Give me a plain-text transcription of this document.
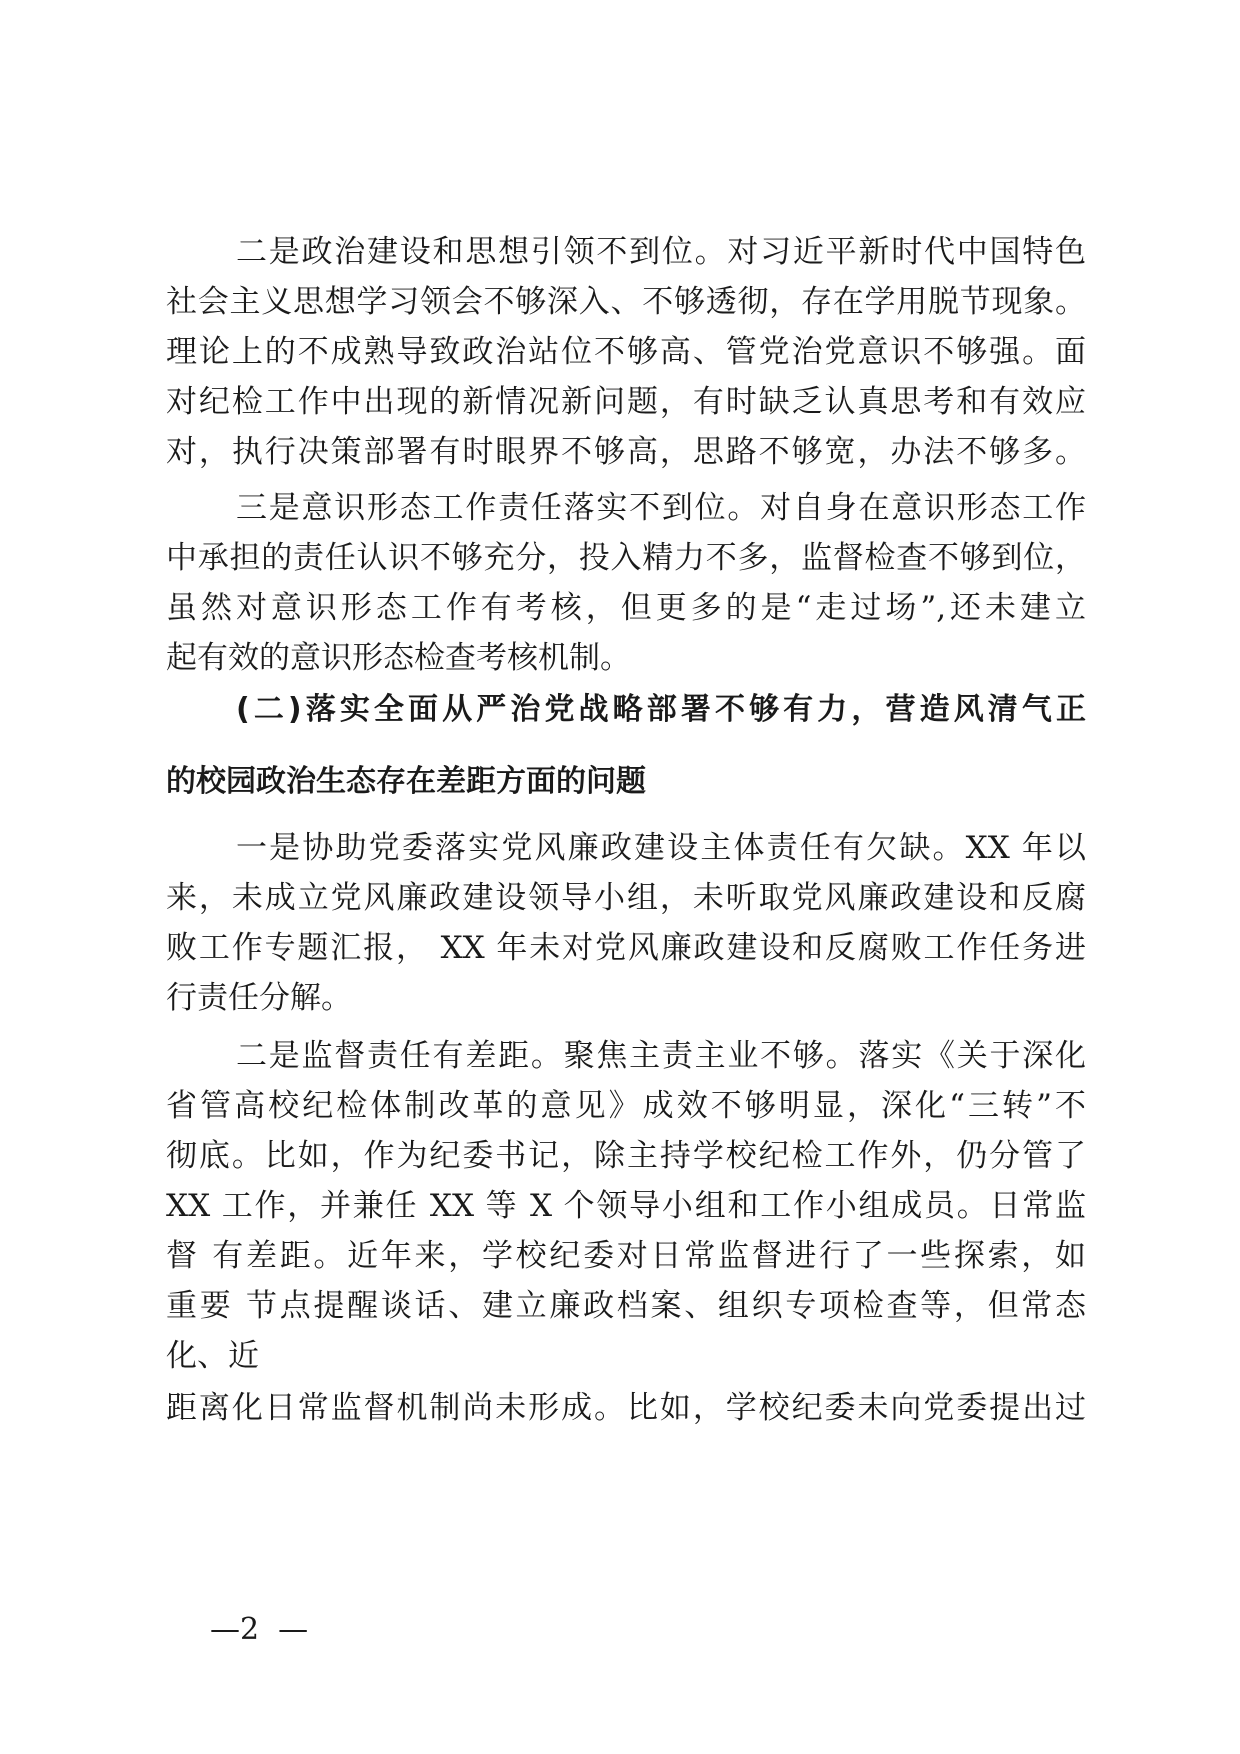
二是政治建设和思想引领不到位。对习近平新时代中国特色
社会主义思想学习领会不够深入、不够透彻，存在学用脱节现象。
理论上的不成熟导致政治站位不够高、管党治党意识不够强。面
对纪检工作中出现的新情况新问题，有时缺乏认真思考和有效应
对，执行决策部署有时眼界不够高，思路不够宽，办法不够多。
三是意识形态工作责任落实不到位。对自身在意识形态工作
中承担的责任认识不够充分，投入精力不多，监督检查不够到位，
虽然对意识形态工作有考核，但更多的是“走过场”,还未建立
起有效的意识形态检查考核机制。
(二)落实全面从严治党战略部署不够有力，营造风清气正
的校园政治生态存在差距方面的问题
一是协助党委落实党风廉政建设主体责任有欠缺。XX 年以
来，未成立党风廉政建设领导小组，未听取党风廉政建设和反腐
败工作专题汇报， XX 年未对党风廉政建设和反腐败工作任务进
行责任分解。
二是监督责任有差距。聚焦主责主业不够。落实《关于深化
省管高校纪检体制改革的意见》成效不够明显，深化“三转”不
彻底。比如，作为纪委书记，除主持学校纪检工作外，仍分管了
XX 工作，并兼任 XX 等 X 个领导小组和工作小组成员。日常监
督 有差距。近年来，学校纪委对日常监督进行了一些探索，如
重要 节点提醒谈话、建立廉政档案、组织专项检查等，但常态
化、近
距离化日常监督机制尚未形成。比如，学校纪委未向党委提出过
—2  —
